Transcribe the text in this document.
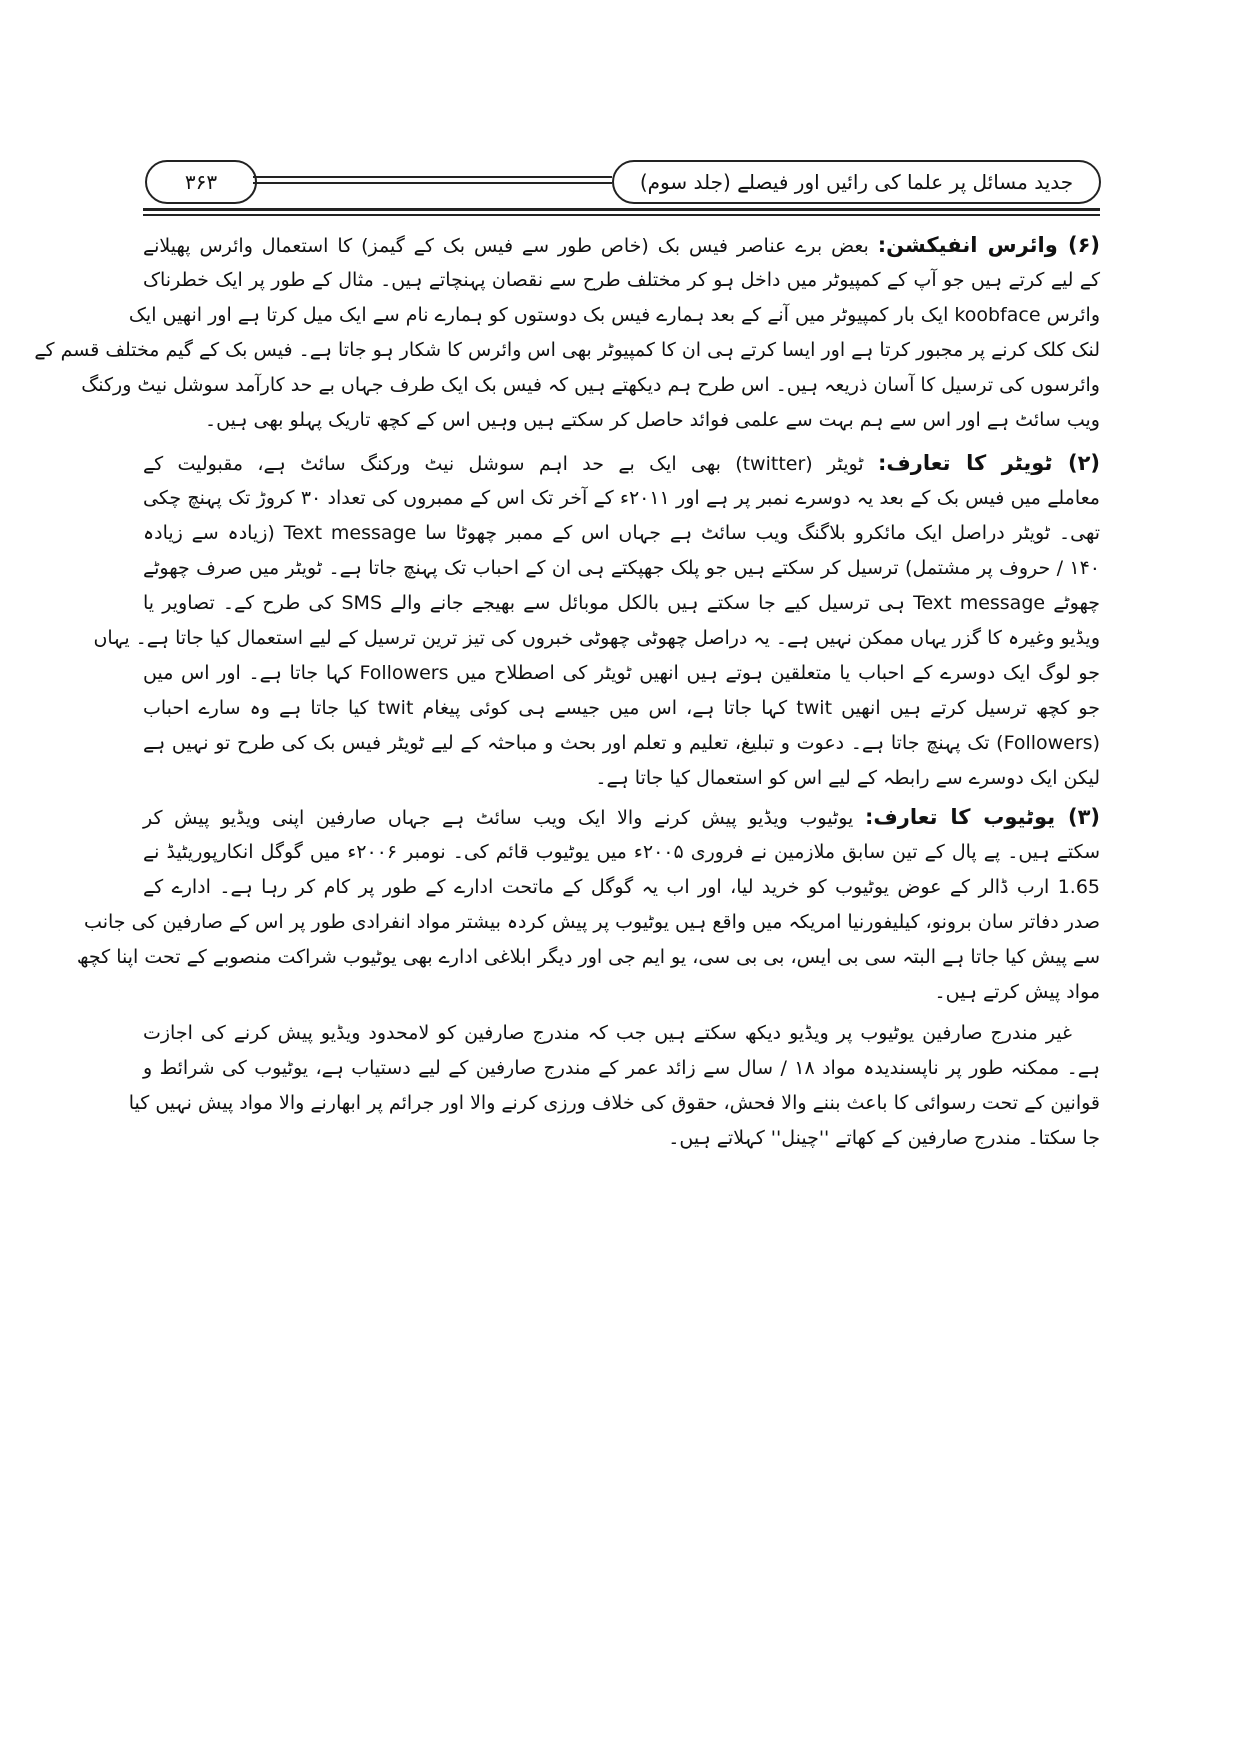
جدید مسائل پر علما کی رائیں اور فیصلے (جلد سوم)
۳۶۳
(۶) وائرس انفیکشن: بعض برے عناصر فیس بک (خاص طور سے فیس بک کے گیمز) کا استعمال وائرس پھیلانے
کے لیے کرتے ہیں جو آپ کے کمپیوٹر میں داخل ہو کر مختلف طرح سے نقصان پہنچاتے ہیں۔ مثال کے طور پر ایک خطرناک
وائرس koobface ایک بار کمپیوٹر میں آنے کے بعد ہمارے فیس بک دوستوں کو ہمارے نام سے ایک میل کرتا ہے اور انھیں ایک
لنک کلک کرنے پر مجبور کرتا ہے اور ایسا کرتے ہی ان کا کمپیوٹر بھی اس وائرس کا شکار ہو جاتا ہے۔ فیس بک کے گیم مختلف قسم کے
وائرسوں کی ترسیل کا آسان ذریعہ ہیں۔ اس طرح ہم دیکھتے ہیں کہ فیس بک ایک طرف جہاں بے حد کارآمد سوشل نیٹ ورکنگ
ویب سائٹ ہے اور اس سے ہم بہت سے علمی فوائد حاصل کر سکتے ہیں وہیں اس کے کچھ تاریک پہلو بھی ہیں۔
(۲) ٹویٹر کا تعارف: ٹویٹر (twitter) بھی ایک بے حد اہم سوشل نیٹ ورکنگ سائٹ ہے، مقبولیت کے
معاملے میں فیس بک کے بعد یہ دوسرے نمبر پر ہے اور ۲۰۱۱ء کے آخر تک اس کے ممبروں کی تعداد ۳۰ کروڑ تک پہنچ چکی
تھی۔ ٹویٹر دراصل ایک مائکرو بلاگنگ ویب سائٹ ہے جہاں اس کے ممبر چھوٹا سا Text message (زیادہ سے زیادہ
۱۴۰ / حروف پر مشتمل) ترسیل کر سکتے ہیں جو پلک جھپکتے ہی ان کے احباب تک پہنچ جاتا ہے۔ ٹویٹر میں صرف چھوٹے
چھوٹے Text message ہی ترسیل کیے جا سکتے ہیں بالکل موبائل سے بھیجے جانے والے SMS کی طرح کے۔ تصاویر یا
ویڈیو وغیرہ کا گزر یہاں ممکن نہیں ہے۔ یہ دراصل چھوٹی چھوٹی خبروں کی تیز ترین ترسیل کے لیے استعمال کیا جاتا ہے۔ یہاں
جو لوگ ایک دوسرے کے احباب یا متعلقین ہوتے ہیں انھیں ٹویٹر کی اصطلاح میں Followers کہا جاتا ہے۔ اور اس میں
جو کچھ ترسیل کرتے ہیں انھیں twit کہا جاتا ہے، اس میں جیسے ہی کوئی پیغام twit کیا جاتا ہے وہ سارے احباب
(Followers) تک پہنچ جاتا ہے۔ دعوت و تبلیغ، تعلیم و تعلم اور بحث و مباحثہ کے لیے ٹویٹر فیس بک کی طرح تو نہیں ہے
لیکن ایک دوسرے سے رابطہ کے لیے اس کو استعمال کیا جاتا ہے۔
(۳) یوٹیوب کا تعارف: یوٹیوب ویڈیو پیش کرنے والا ایک ویب سائٹ ہے جہاں صارفین اپنی ویڈیو پیش کر
سکتے ہیں۔ پے پال کے تین سابق ملازمین نے فروری ۲۰۰۵ء میں یوٹیوب قائم کی۔ نومبر ۲۰۰۶ء میں گوگل انکارپوریٹیڈ نے
1.65 ارب ڈالر کے عوض یوٹیوب کو خرید لیا، اور اب یہ گوگل کے ماتحت ادارے کے طور پر کام کر رہا ہے۔ ادارے کے
صدر دفاتر سان برونو، کیلیفورنیا امریکہ میں واقع ہیں یوٹیوب پر پیش کردہ بیشتر مواد انفرادی طور پر اس کے صارفین کی جانب
سے پیش کیا جاتا ہے البتہ سی بی ایس، بی بی سی، یو ایم جی اور دیگر ابلاغی ادارے بھی یوٹیوب شراکت منصوبے کے تحت اپنا کچھ
مواد پیش کرتے ہیں۔
غیر مندرج صارفین یوٹیوب پر ویڈیو دیکھ سکتے ہیں جب کہ مندرج صارفین کو لامحدود ویڈیو پیش کرنے کی اجازت
ہے۔ ممکنہ طور پر ناپسندیدہ مواد ۱۸ / سال سے زائد عمر کے مندرج صارفین کے لیے دستیاب ہے، یوٹیوب کی شرائط و
قوانین کے تحت رسوائی کا باعث بننے والا فحش، حقوق کی خلاف ورزی کرنے والا اور جرائم پر ابھارنے والا مواد پیش نہیں کیا
جا سکتا۔ مندرج صارفین کے کھاتے ''چینل'' کہلاتے ہیں۔
